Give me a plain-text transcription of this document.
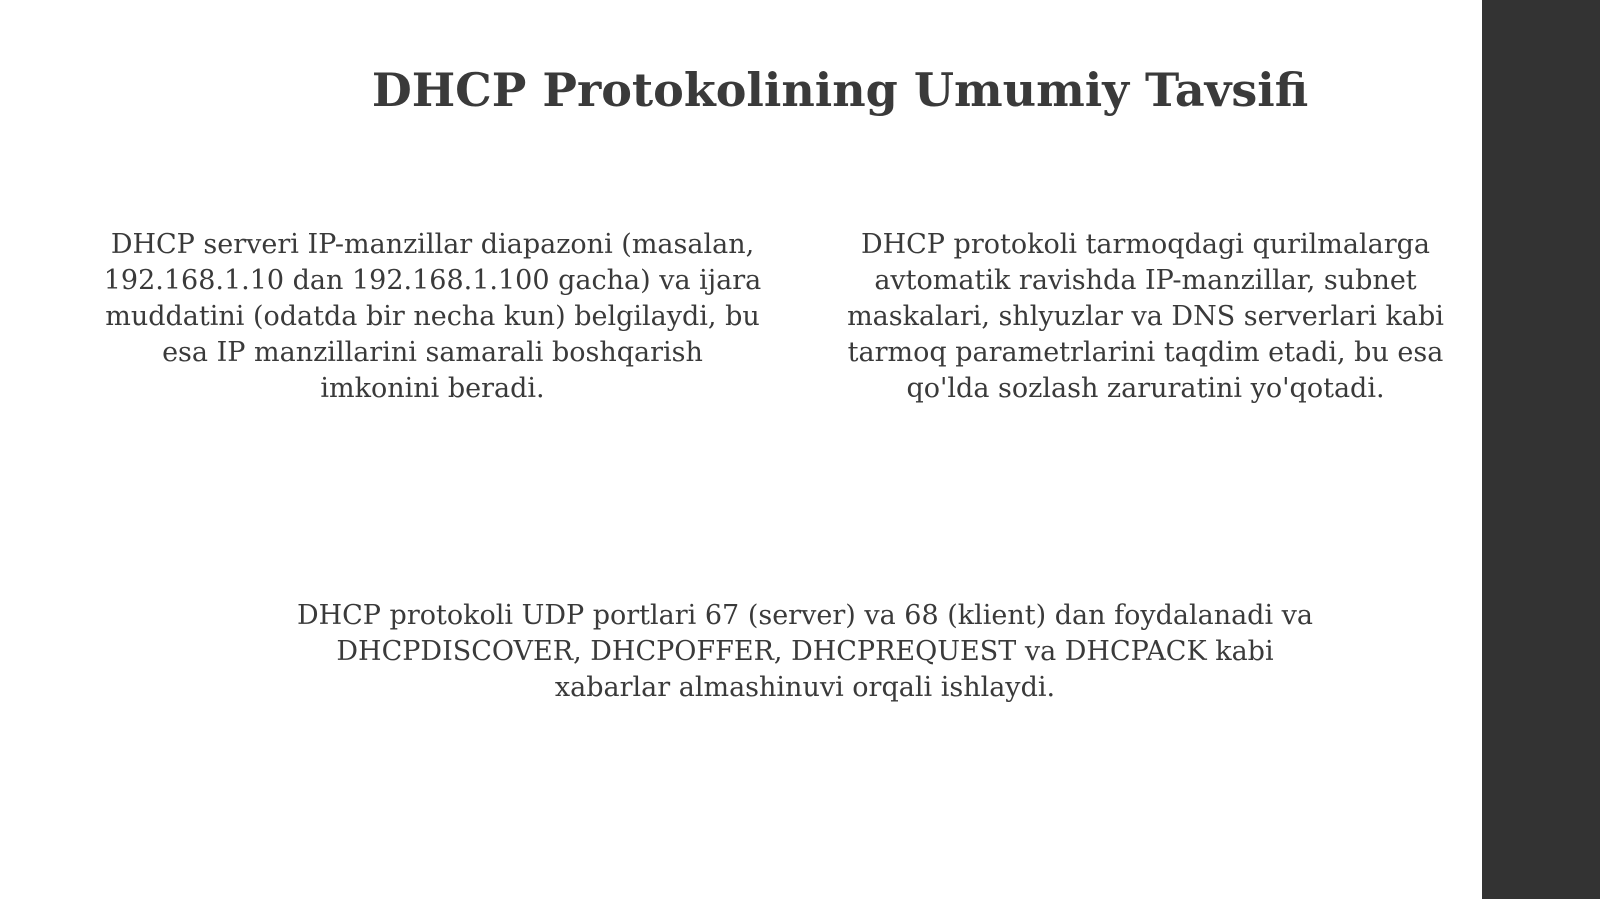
DHCP Protokolining Umumiy Tavsifi

DHCP serveri IP-manzillar diapazoni (masalan, 192.168.1.10 dan 192.168.1.100 gacha) va ijara muddatini (odatda bir necha kun) belgilaydi, bu esa IP manzillarini samarali boshqarish imkonini beradi.

DHCP protokoli tarmoqdagi qurilmalarga avtomatik ravishda IP-manzillar, subnet maskalari, shlyuzlar va DNS serverlari kabi tarmoq parametrlarini taqdim etadi, bu esa qo'lda sozlash zaruratini yo'qotadi.

DHCP protokoli UDP portlari 67 (server) va 68 (klient) dan foydalanadi va DHCPDISCOVER, DHCPOFFER, DHCPREQUEST va DHCPACK kabi xabarlar almashinuvi orqali ishlaydi.
